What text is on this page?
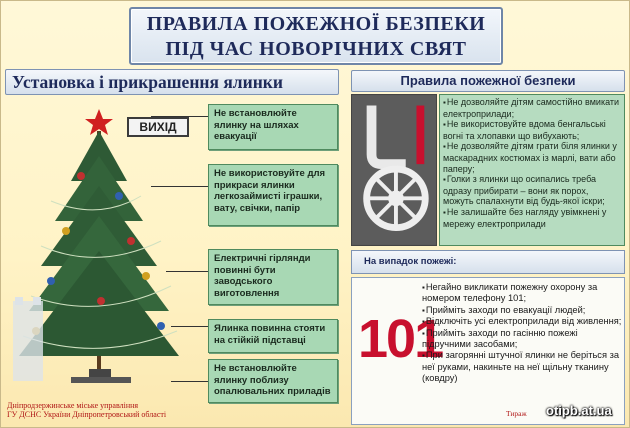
ПРАВИЛА ПОЖЕЖНОЇ БЕЗПЕКИ
ПІД ЧАС НОВОРІЧНИХ СВЯТ
Установка і прикрашення ялинки	Правила пожежної безпеки
ВИХІД
Не встановлюйте ялинку на шляхах евакуації
Не використовуйте для прикраси ялинки легкозаймисті іграшки, вату, свічки, папір
Електричні гірлянди повинні бути заводського виготовлення
Ялинка повинна стояти на стійкій підставці
Не встановлюйте ялинку поблизу опалювальних приладів
▪ Не дозволяйте дітям самостійно вмикати електроприлади;
▪ Не використовуйте вдома бенгальські вогні та хлопавки що вибухають;
▪ Не дозволяйте дітям грати біля ялинки у маскарадних костюмах із марлі, вати або паперу;
▪ Голки з ялинки що осипались треба одразу прибирати – вони як порох, можуть спалахнути від будь-якої іскри;
▪ Не залишайте без нагляду увімкнені у мережу електроприлади
На випадок пожежі:
101
▪ Негайно викликати пожежну охорону за номером телефону 101;
▪ Прийміть заходи по евакуації людей;
▪ Відключіть усі електроприлади від живлення;
▪ Прийміть заходи по гасінню пожежі підручними засобами;
▪ При загорянні штучної ялинки не беріться за неї руками, накиньте на неї щільну тканину (ковдру)
Дніпродзержинське міське управління
ГУ ДСНС України Дніпропетровський області	Тираж otipb.at.ua
